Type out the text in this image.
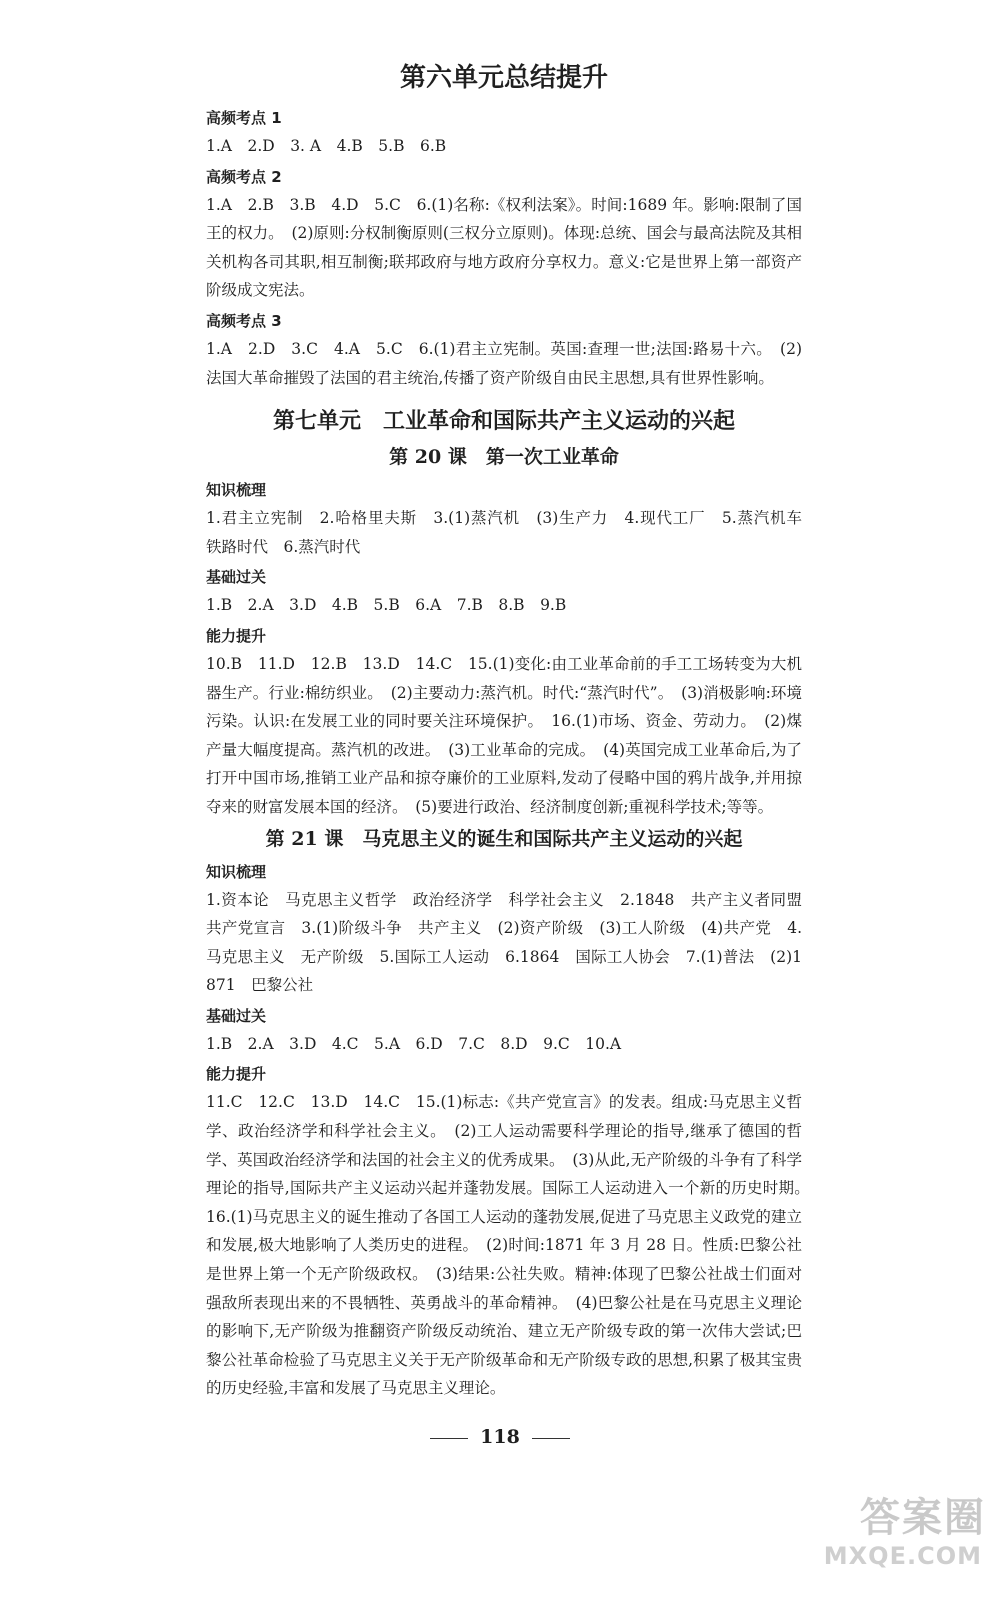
第六单元总结提升
高频考点 1

1.A　2.D　3. A　4.B　5.B　6.B

高频考点 2

1.A　2.B　3.B　4.D　5.C　6.(1)名称:《权利法案》。时间:1689 年。影响:限制了国王的权力。　(2)原则:分权制衡原则(三权分立原则)。体现:总统、国会与最高法院及其相关机构各司其职,相互制衡;联邦政府与地方政府分享权力。意义:它是世界上第一部资产阶级成文宪法。

高频考点 3

1.A　2.D　3.C　4.A　5.C　6.(1)君主立宪制。英国:查理一世;法国:路易十六。　(2)法国大革命摧毁了法国的君主统治,传播了资产阶级自由民主思想,具有世界性影响。

第七单元　工业革命和国际共产主义运动的兴起
第 20 课　第一次工业革命
知识梳理

1.君主立宪制　2.哈格里夫斯　3.(1)蒸汽机　(3)生产力　4.现代工厂　5.蒸汽机车　铁路时代　6.蒸汽时代

基础过关

1.B　2.A　3.D　4.B　5.B　6.A　7.B　8.B　9.B

能力提升

10.B　11.D　12.B　13.D　14.C　15.(1)变化:由工业革命前的手工工场转变为大机器生产。行业:棉纺织业。　(2)主要动力:蒸汽机。时代:“蒸汽时代”。　(3)消极影响:环境污染。认识:在发展工业的同时要关注环境保护。　16.(1)市场、资金、劳动力。　(2)煤产量大幅度提高。蒸汽机的改进。　(3)工业革命的完成。　(4)英国完成工业革命后,为了打开中国市场,推销工业产品和掠夺廉价的工业原料,发动了侵略中国的鸦片战争,并用掠夺来的财富发展本国的经济。　(5)要进行政治、经济制度创新;重视科学技术;等等。

第 21 课　马克思主义的诞生和国际共产主义运动的兴起
知识梳理

1.资本论　马克思主义哲学　政治经济学　科学社会主义　2.1848　共产主义者同盟　共产党宣言　3.(1)阶级斗争　共产主义　(2)资产阶级　(3)工人阶级　(4)共产党　4.马克思主义　无产阶级　5.国际工人运动　6.1864　国际工人协会　7.(1)普法　(2)1871　巴黎公社

基础过关

1.B　2.A　3.D　4.C　5.A　6.D　7.C　8.D　9.C　10.A

能力提升

11.C　12.C　13.D　14.C　15.(1)标志:《共产党宣言》的发表。组成:马克思主义哲学、政治经济学和科学社会主义。　(2)工人运动需要科学理论的指导,继承了德国的哲学、英国政治经济学和法国的社会主义的优秀成果。　(3)从此,无产阶级的斗争有了科学理论的指导,国际共产主义运动兴起并蓬勃发展。国际工人运动进入一个新的历史时期。　16.(1)马克思主义的诞生推动了各国工人运动的蓬勃发展,促进了马克思主义政党的建立和发展,极大地影响了人类历史的进程。　(2)时间:1871 年 3 月 28 日。性质:巴黎公社是世界上第一个无产阶级政权。　(3)结果:公社失败。精神:体现了巴黎公社战士们面对强敌所表现出来的不畏牺牲、英勇战斗的革命精神。　(4)巴黎公社是在马克思主义理论的影响下,无产阶级为推翻资产阶级反动统治、建立无产阶级专政的第一次伟大尝试;巴黎公社革命检验了马克思主义关于无产阶级革命和无产阶级专政的思想,积累了极其宝贵的历史经验,丰富和发展了马克思主义理论。

118
答案圈
MXQE.COM
